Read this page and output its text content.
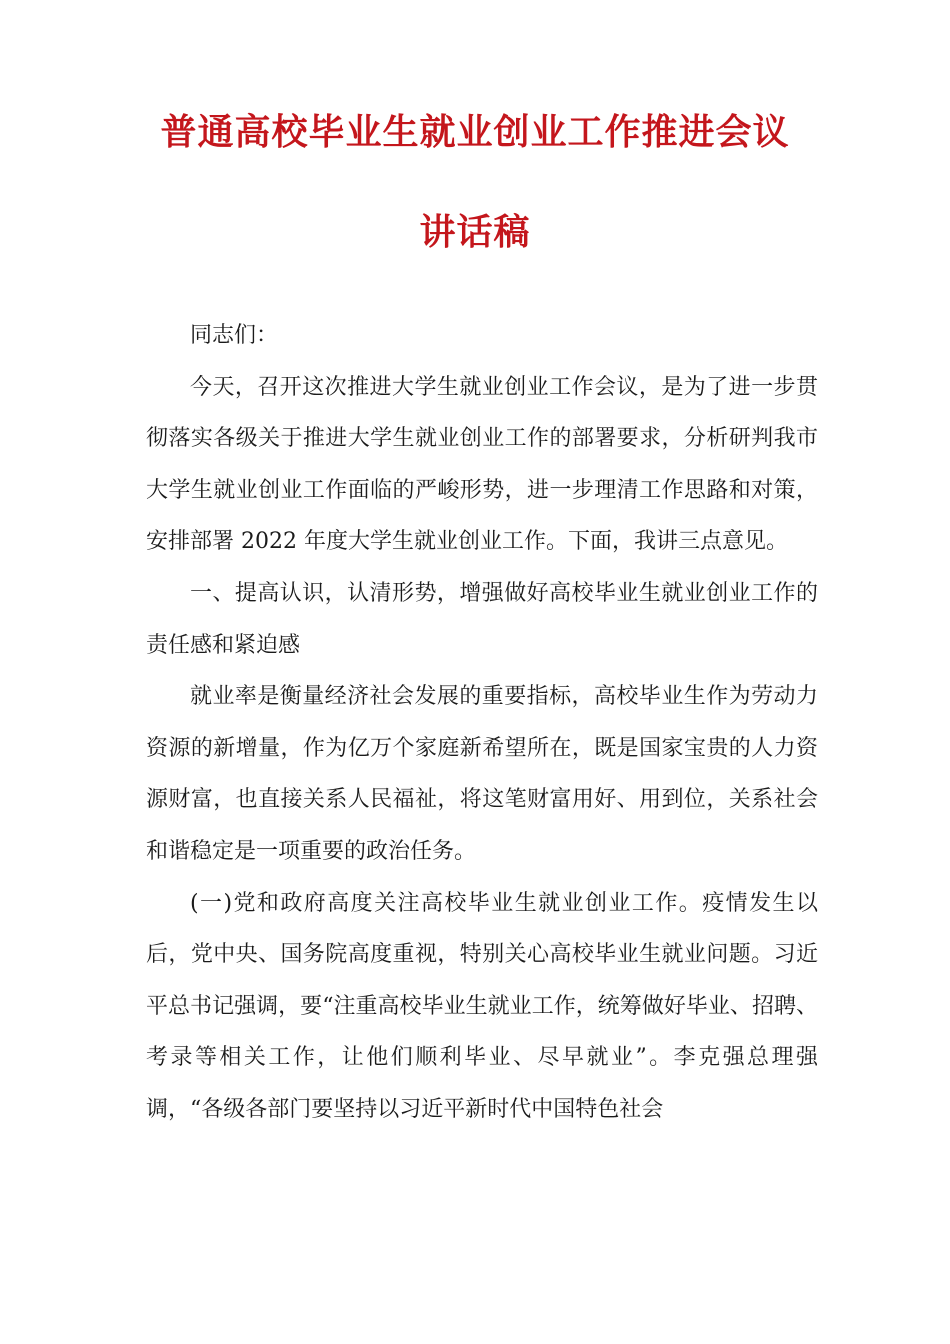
普通高校毕业生就业创业工作推进会议
讲话稿

同志们：

今天，召开这次推进大学生就业创业工作会议，是为了进一步贯彻落实各级关于推进大学生就业创业工作的部署要求，分析研判我市大学生就业创业工作面临的严峻形势，进一步理清工作思路和对策，安排部署 2022 年度大学生就业创业工作。下面，我讲三点意见。

一、提高认识，认清形势，增强做好高校毕业生就业创业工作的责任感和紧迫感

就业率是衡量经济社会发展的重要指标，高校毕业生作为劳动力资源的新增量，作为亿万个家庭新希望所在，既是国家宝贵的人力资源财富，也直接关系人民福祉，将这笔财富用好、用到位，关系社会和谐稳定是一项重要的政治任务。

(一)党和政府高度关注高校毕业生就业创业工作。疫情发生以后，党中央、国务院高度重视，特别关心高校毕业生就业问题。习近平总书记强调，要“注重高校毕业生就业工作，统筹做好毕业、招聘、考录等相关工作，让他们顺利毕业、尽早就业”。李克强总理强调，“各级各部门要坚持以习近平新时代中国特色社会
